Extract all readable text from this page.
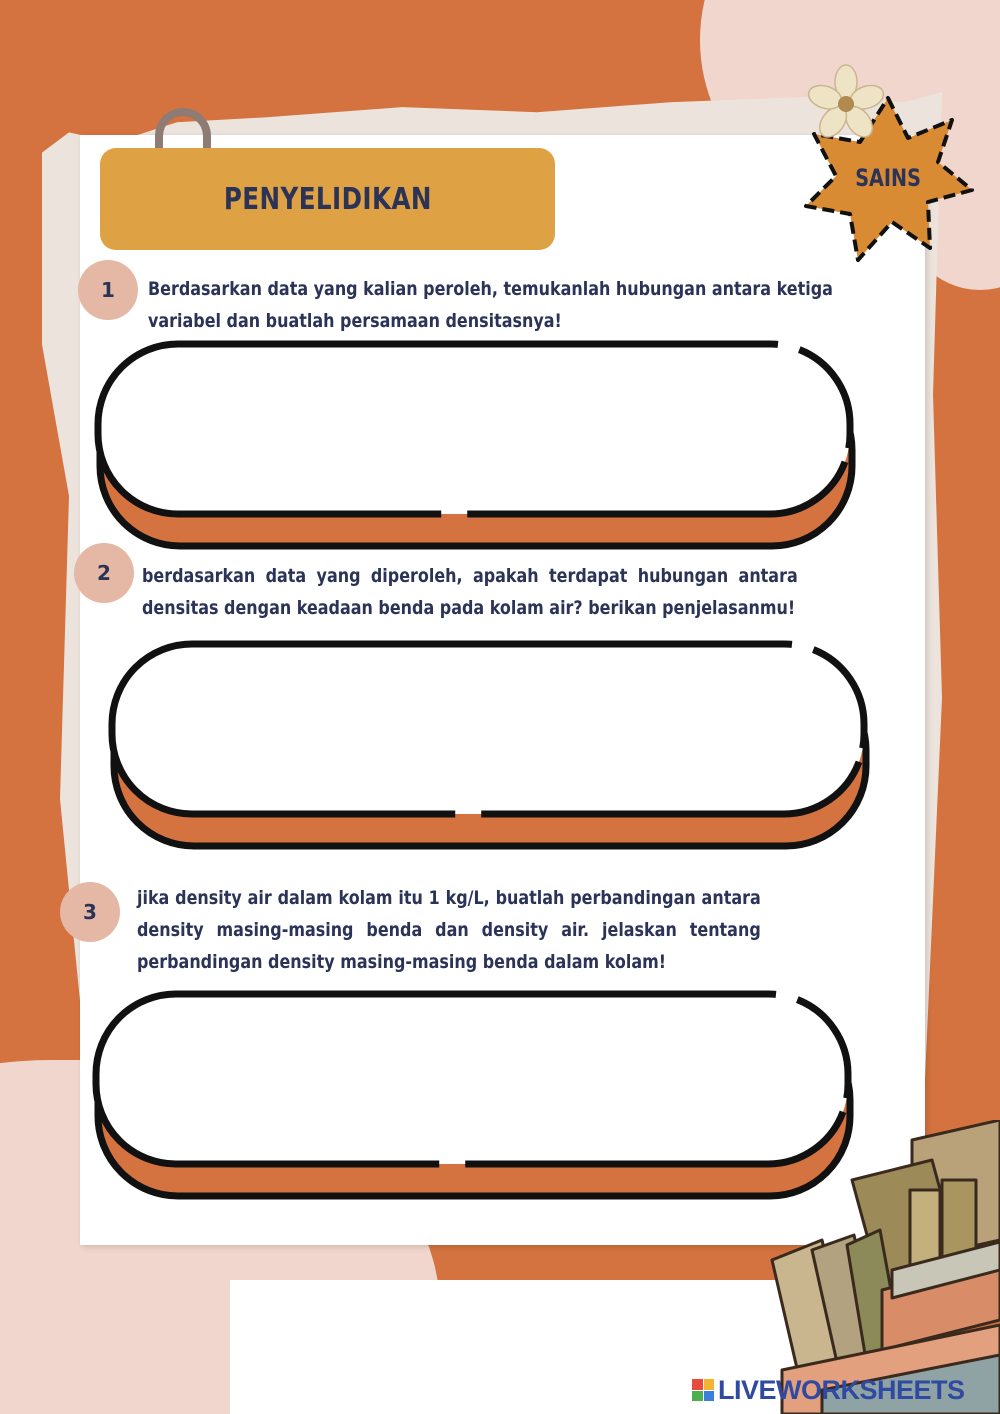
PENYELIDIKAN
SAINS
1 Berdasarkan data yang kalian peroleh, temukanlah hubungan antara ketiga variabel dan buatlah persamaan densitasnya!
2 berdasarkan data yang diperoleh, apakah terdapat hubungan antara densitas dengan keadaan benda pada kolam air? berikan penjelasanmu!
3
jika density air dalam kolam itu 1 kg/L, buatlah perbandingan antara density masing-masing benda dan density air. jelaskan tentang perbandingan density masing-masing benda dalam kolam!
LIVEWORKSHEETS
